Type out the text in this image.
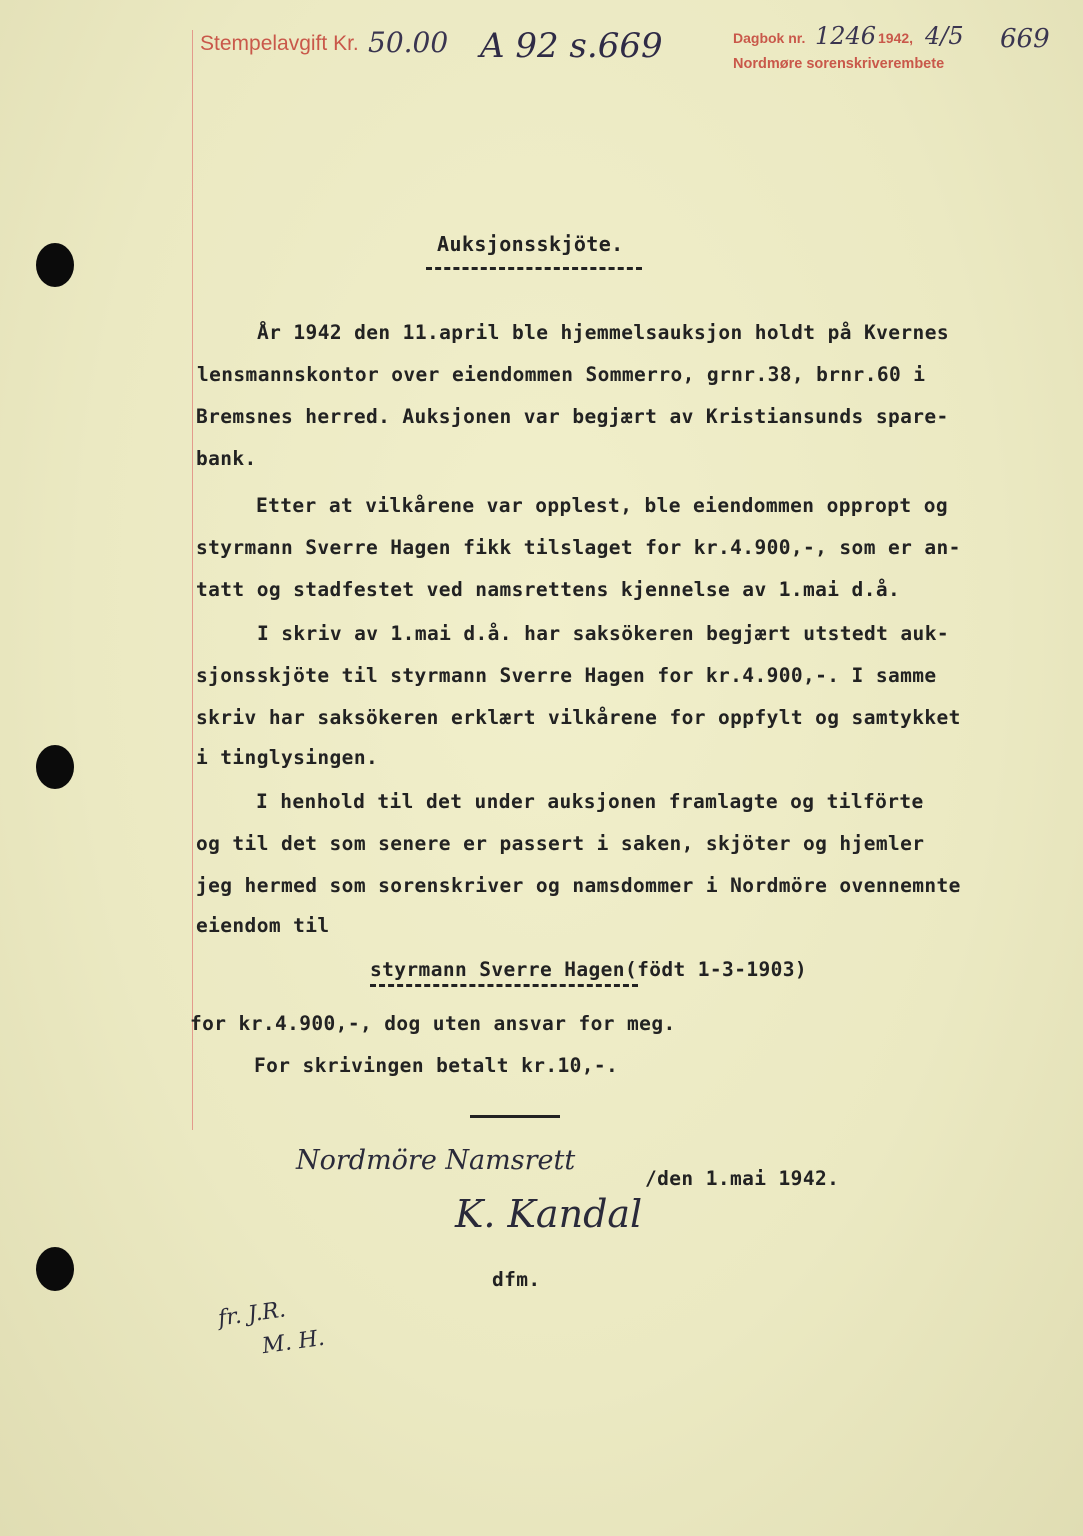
Stempelavgift Kr. 50.00 A 92 s.669	Dagbok nr. 1246 1942, 4/5 669
Nordmøre sorenskriverembete
Auksjonsskjöte.
År 1942 den 11.april ble hjemmelsauksjon holdt på Kvernes
lensmannskontor over eiendommen Sommerro, grnr.38, brnr.60 i
Bremsnes herred. Auksjonen var begjært av Kristiansunds spare-
bank.
Etter at vilkårene var opplest, ble eiendommen oppropt og
styrmann Sverre Hagen fikk tilslaget for kr.4.900,-, som er an-
tatt og stadfestet ved namsrettens kjennelse av 1.mai d.å.
I skriv av 1.mai d.å. har saksökeren begjært utstedt auk-
sjonsskjöte til styrmann Sverre Hagen for kr.4.900,-. I samme
skriv har saksökeren erklært vilkårene for oppfylt og samtykket
i tinglysingen.
I henhold til det under auksjonen framlagte og tilförte
og til det som senere er passert i saken, skjöter og hjemler
jeg hermed som sorenskriver og namsdommer i Nordmöre ovennemnte
eiendom til
styrmann Sverre Hagen(födt 1-3-1903)
for kr.4.900,-, dog uten ansvar for meg.
For skrivingen betalt kr.10,-.
Nordmöre Namsrett
/den 1.mai 1942.
K. Kandal
dfm.
fr. J.R.
M. H.
